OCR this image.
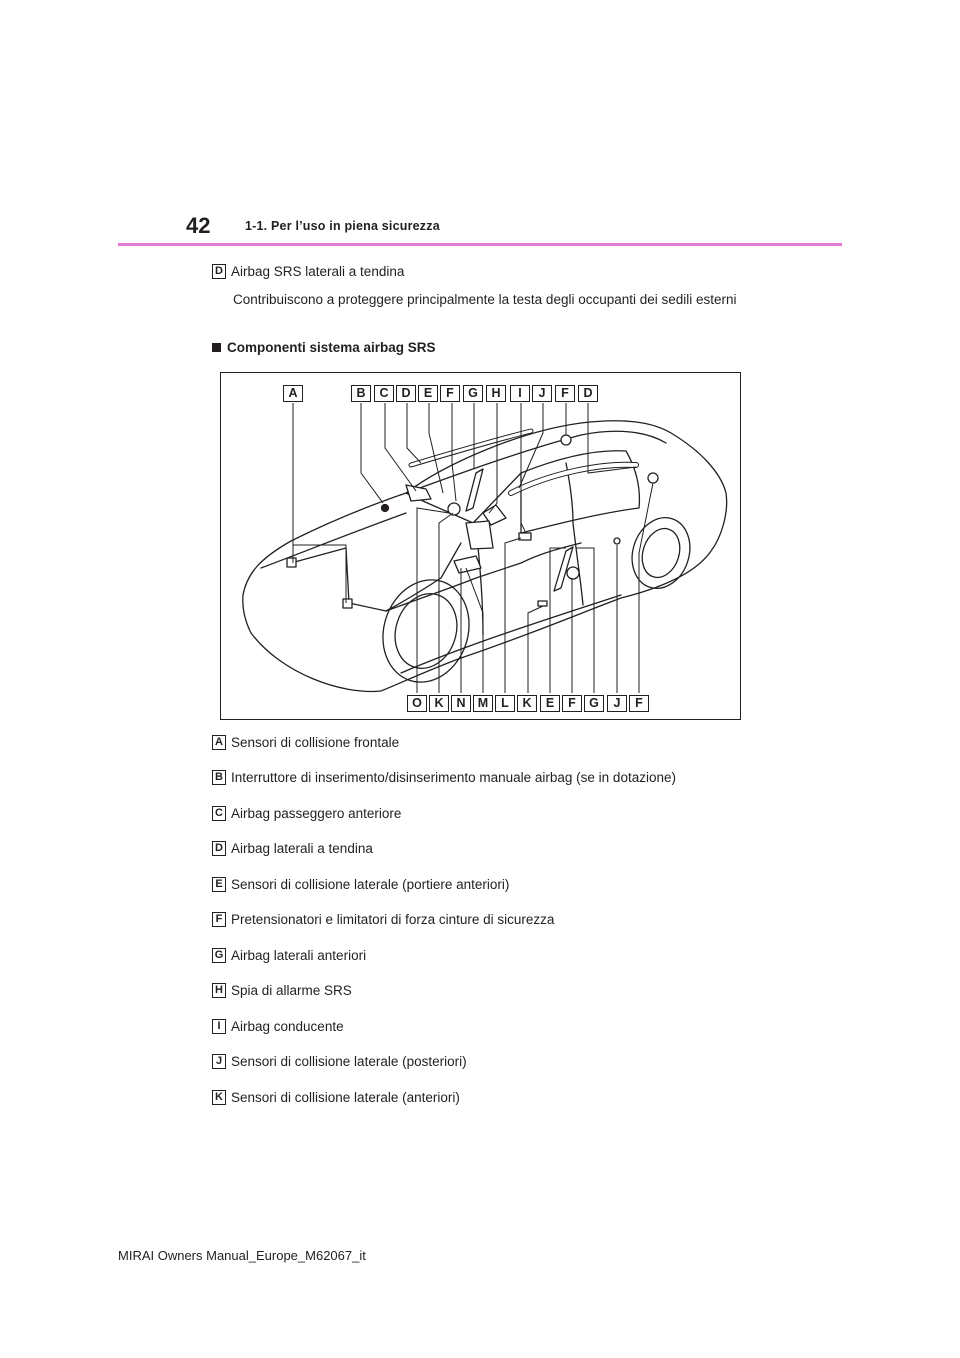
42	1-1. Per l’uso in piena sicurezza
D Airbag SRS laterali a tendina
Contribuiscono a proteggere principalmente la testa degli occupanti dei sedili esterni
Componenti sistema airbag SRS
A	B	C	D	E	F	G	H	I	J	F	D
O	K	N M	L	K	E	F	G	J	F
A Sensori di collisione frontale
B Interruttore di inserimento/disinserimento manuale airbag (se in dotazione)
C Airbag passeggero anteriore
D Airbag laterali a tendina
E Sensori di collisione laterale (portiere anteriori)
F Pretensionatori e limitatori di forza cinture di sicurezza
G Airbag laterali anteriori
H Spia di allarme SRS
I Airbag conducente
J Sensori di collisione laterale (posteriori)
K Sensori di collisione laterale (anteriori)
MIRAI Owners Manual_Europe_M62067_it
